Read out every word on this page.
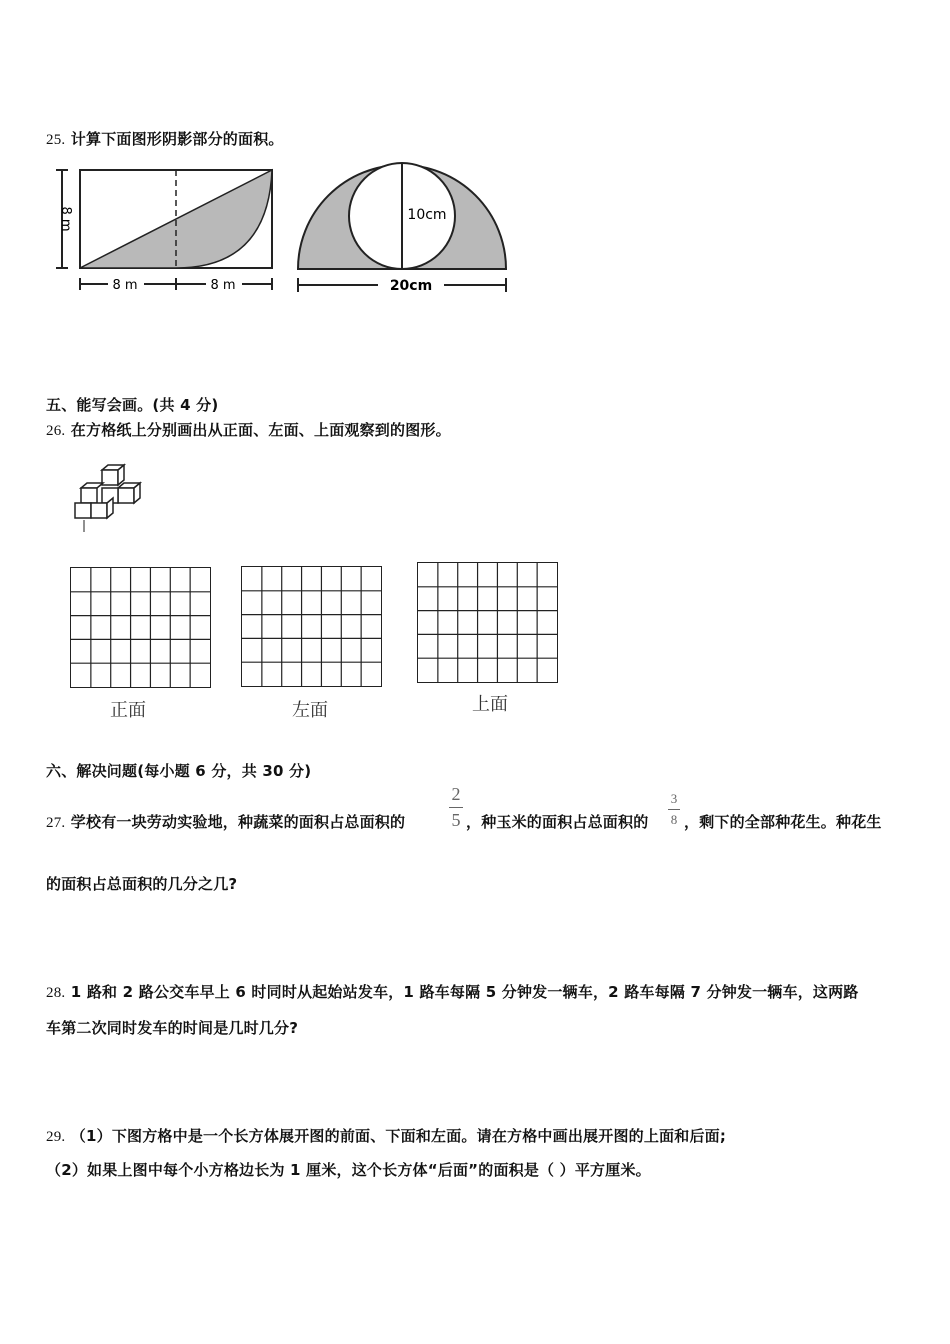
25. 计算下面图形阴影部分的面积。
8 m
8 m	8 m
10cm
20cm
五、能写会画。(共 4 分)
26. 在方格纸上分别画出从正面、左面、上面观察到的图形。
正面	左面	上面
六、解决问题(每小题 6 分，共 30 分)
27. 学校有一块劳动实验地，种蔬菜的面积占总面积的
2
5 ，种玉米的面积占总面积的
3
8 ，剩下的全部种花生。种花生
的面积占总面积的几分之几?
28. 1 路和 2 路公交车早上 6 时同时从起始站发车，1 路车每隔 5 分钟发一辆车，2 路车每隔 7 分钟发一辆车，这两路
车第二次同时发车的时间是几时几分?
29. （1）下图方格中是一个长方体展开图的前面、下面和左面。请在方格中画出展开图的上面和后面;
（2）如果上图中每个小方格边长为 1 厘米，这个长方体“后面”的面积是（ ）平方厘米。
